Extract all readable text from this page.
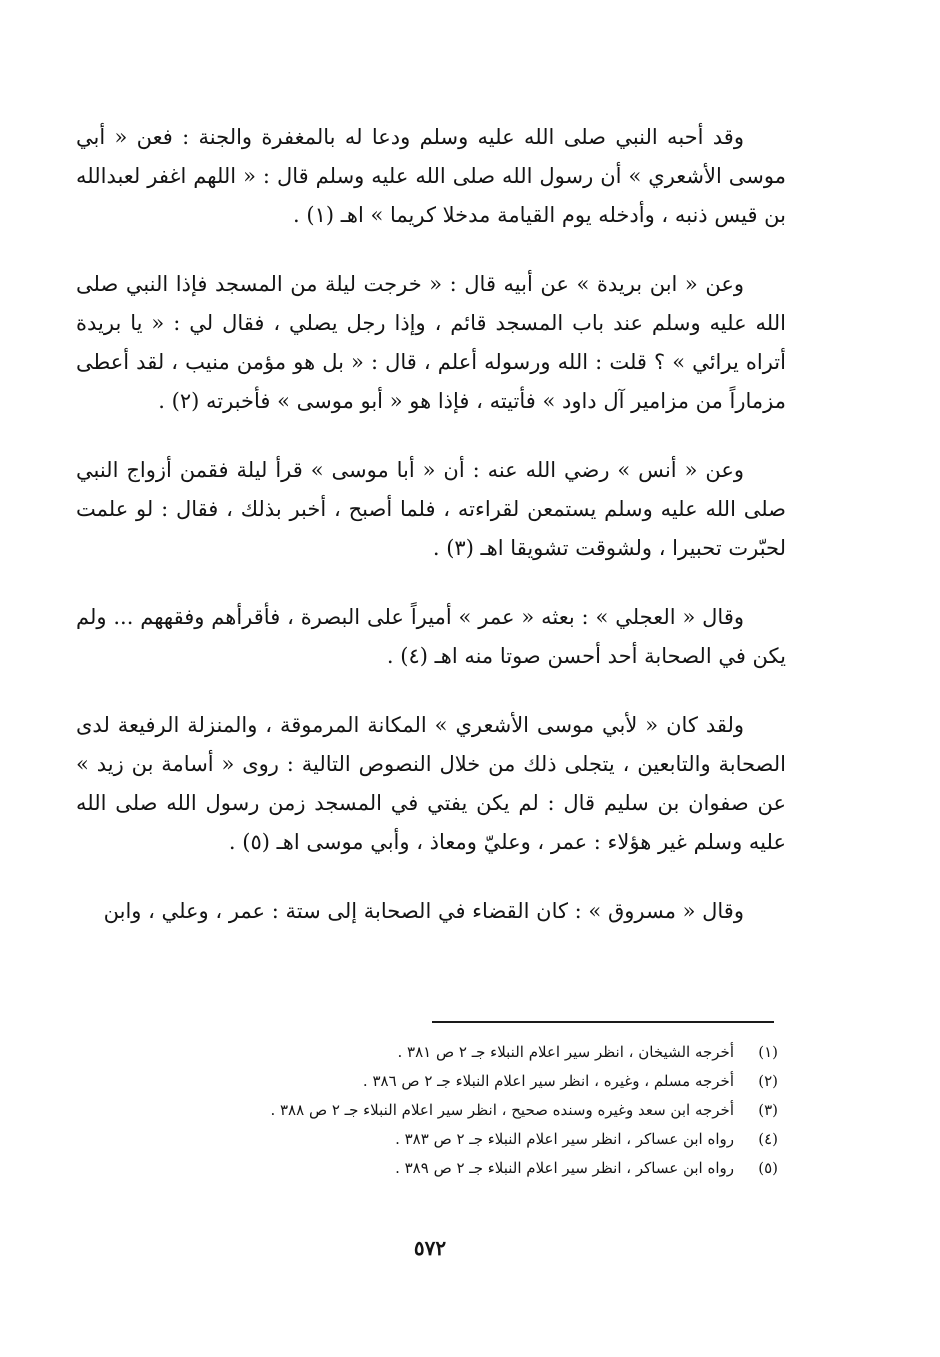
وقد أحبه النبي صلى الله عليه وسلم ودعا له بالمغفرة والجنة : فعن « أبي موسى الأشعري » أن رسول الله صلى الله عليه وسلم قال : « اللهم اغفر لعبدالله بن قيس ذنبه ، وأدخله يوم القيامة مدخلا كريما » اهـ (١) .

وعن « ابن بريدة » عن أبيه قال : « خرجت ليلة من المسجد فإذا النبي صلى الله عليه وسلم عند باب المسجد قائم ، وإذا رجل يصلي ، فقال لي : « يا بريدة أتراه يرائي » ؟ قلت : الله ورسوله أعلم ، قال : « بل هو مؤمن منيب ، لقد أعطى مزماراً من مزامير آل داود » فأتيته ، فإذا هو « أبو موسى » فأخبرته (٢) .

وعن « أنس » رضي الله عنه : أن « أبا موسى » قرأ ليلة فقمن أزواج النبي صلى الله عليه وسلم يستمعن لقراءته ، فلما أصبح ، أخبر بذلك ، فقال : لو علمت لحبّرت تحبيرا ، ولشوقت تشويقا اهـ (٣) .

وقال « العجلي » : بعثه « عمر » أميراً على البصرة ، فأقرأهم وفقههم ... ولم يكن في الصحابة أحد أحسن صوتا منه اهـ (٤) .

ولقد كان « لأبي موسى الأشعري » المكانة المرموقة ، والمنزلة الرفيعة لدى الصحابة والتابعين ، يتجلى ذلك من خلال النصوص التالية : روى « أسامة بن زيد » عن صفوان بن سليم قال : لم يكن يفتي في المسجد زمن رسول الله صلى الله عليه وسلم غير هؤلاء : عمر ، وعليّ ومعاذ ، وأبي موسى اهـ (٥) .

وقال « مسروق » : كان القضاء في الصحابة إلى ستة : عمر ، وعلي ، وابن

(١)
أخرجه الشيخان ، انظر سير اعلام النبلاء جـ ٢ ص ٣٨١ .
(٢)
أخرجه مسلم ، وغيره ، انظر سير اعلام النبلاء جـ ٢ ص ٣٨٦ .
(٣)
أخرجه ابن سعد وغيره وسنده صحيح ، انظر سير اعلام النبلاء جـ ٢ ص ٣٨٨ .
(٤)
رواه ابن عساكر ، انظر سير اعلام النبلاء جـ ٢ ص ٣٨٣ .
(٥)
رواه ابن عساكر ، انظر سير اعلام النبلاء جـ ٢ ص ٣٨٩ .
٥٧٢
